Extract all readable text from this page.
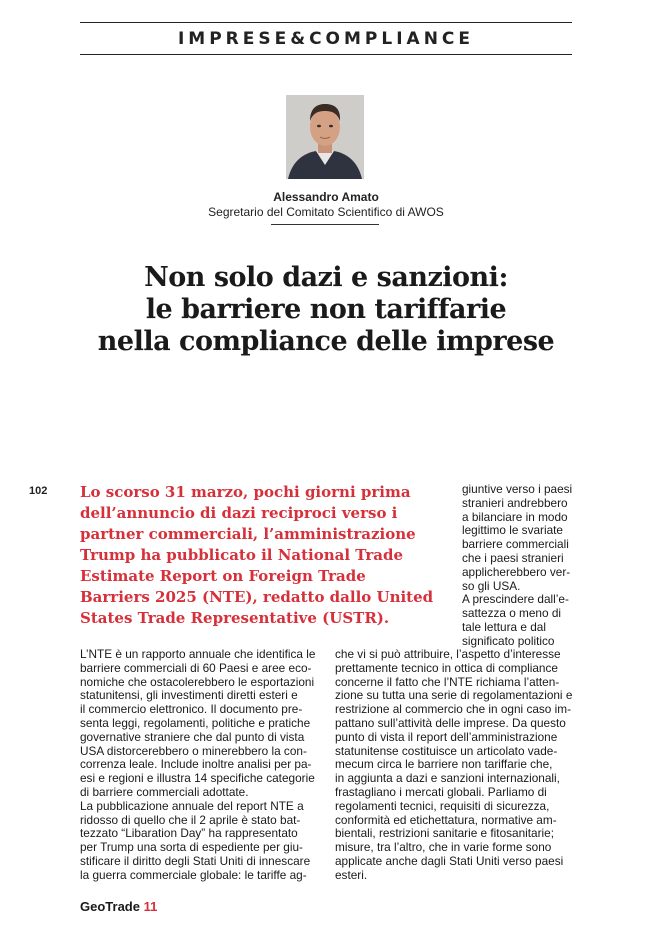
IMPRESE&COMPLIANCE
Alessandro Amato
Segretario del Comitato Scientifico di AWOS
Non solo dazi e sanzioni:
le barriere non tariffarie
nella compliance delle imprese
102 Lo scorso 31 marzo, pochi giorni prima
dell’annuncio di dazi reciproci verso i
partner commerciali, l’amministrazione
Trump ha pubblicato il National Trade
Estimate Report on Foreign Trade
Barriers 2025 (NTE), redatto dallo United
States Trade Representative (USTR).
giuntive verso i paesi
stranieri andrebbero
a bilanciare in modo
legittimo le svariate
barriere commerciali
che i paesi stranieri
applicherebbero ver-
so gli USA.
A prescindere dall’e-
sattezza o meno di
tale lettura e dal
significato politico
L’NTE è un rapporto annuale che identifica le
barriere commerciali di 60 Paesi e aree eco-
nomiche che ostacolerebbero le esportazioni
statunitensi, gli investimenti diretti esteri e
il commercio elettronico. Il documento pre-
senta leggi, regolamenti, politiche e pratiche
governative straniere che dal punto di vista
USA distorcerebbero o minerebbero la con-
correnza leale. Include inoltre analisi per pa-
esi e regioni e illustra 14 specifiche categorie
di barriere commerciali adottate.
La pubblicazione annuale del report NTE a
ridosso di quello che il 2 aprile è stato bat-
tezzato “Libaration Day” ha rappresentato
per Trump una sorta di espediente per giu-
stificare il diritto degli Stati Uniti di innescare
la guerra commerciale globale: le tariffe ag-
che vi si può attribuire, l’aspetto d’interesse
prettamente tecnico in ottica di compliance
concerne il fatto che l’NTE richiama l’atten-
zione su tutta una serie di regolamentazioni e
restrizione al commercio che in ogni caso im-
pattano sull’attività delle imprese. Da questo
punto di vista il report dell’amministrazione
statunitense costituisce un articolato vade-
mecum circa le barriere non tariffarie che,
in aggiunta a dazi e sanzioni internazionali,
frastagliano i mercati globali. Parliamo di
regolamenti tecnici, requisiti di sicurezza,
conformità ed etichettatura, normative am-
bientali, restrizioni sanitarie e fitosanitarie;
misure, tra l’altro, che in varie forme sono
applicate anche dagli Stati Uniti verso paesi
esteri.
GeoTrade 11
